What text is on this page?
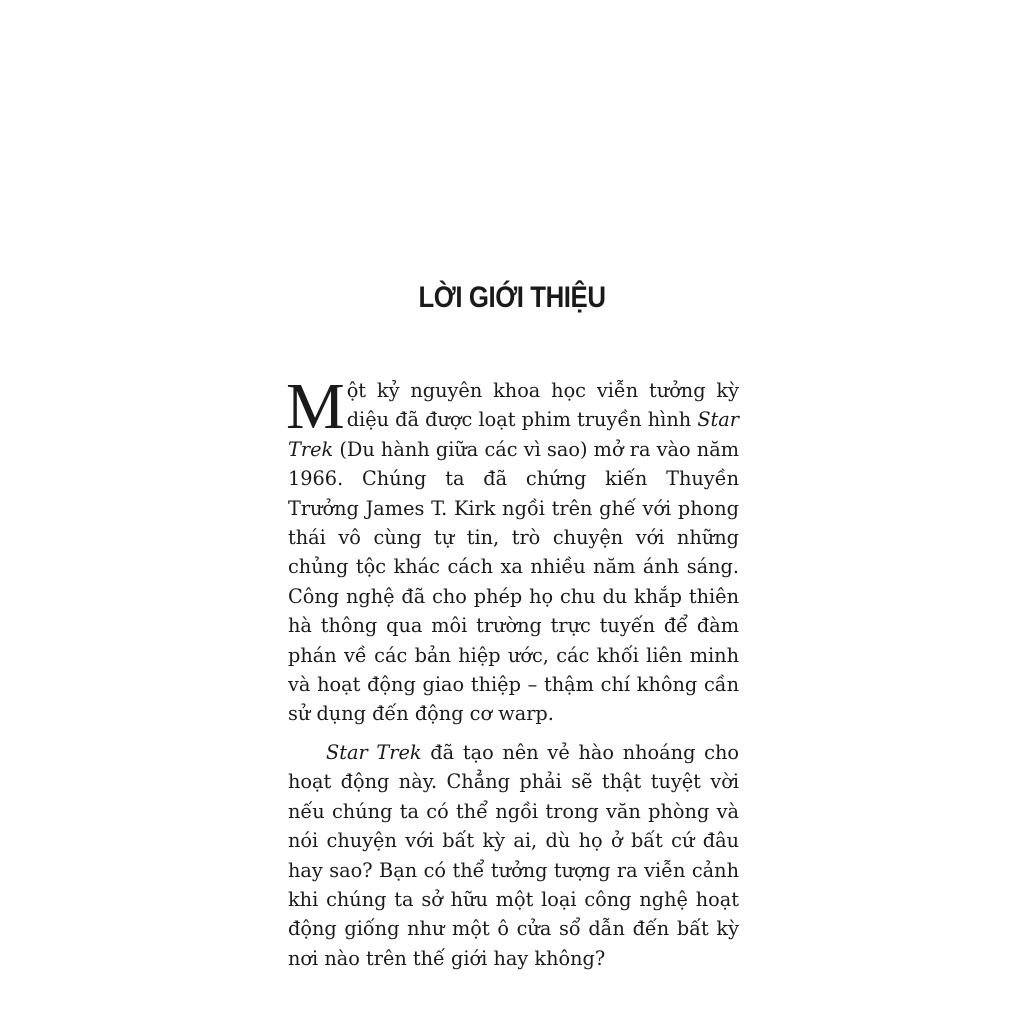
LỜI GIỚI THIỆU

Một kỷ nguyên khoa học viễn tưởng kỳ diệu đã được loạt phim truyền hình Star Trek (Du hành giữa các vì sao) mở ra vào năm 1966. Chúng ta đã chứng kiến Thuyền Trưởng James T. Kirk ngồi trên ghế với phong thái vô cùng tự tin, trò chuyện với những chủng tộc khác cách xa nhiều năm ánh sáng. Công nghệ đã cho phép họ chu du khắp thiên hà thông qua môi trường trực tuyến để đàm phán về các bản hiệp ước, các khối liên minh và hoạt động giao thiệp – thậm chí không cần sử dụng đến động cơ warp.

Star Trek đã tạo nên vẻ hào nhoáng cho hoạt động này. Chẳng phải sẽ thật tuyệt vời nếu chúng ta có thể ngồi trong văn phòng và nói chuyện với bất kỳ ai, dù họ ở bất cứ đâu hay sao? Bạn có thể tưởng tượng ra viễn cảnh khi chúng ta sở hữu một loại công nghệ hoạt động giống như một ô cửa sổ dẫn đến bất kỳ nơi nào trên thế giới hay không?
